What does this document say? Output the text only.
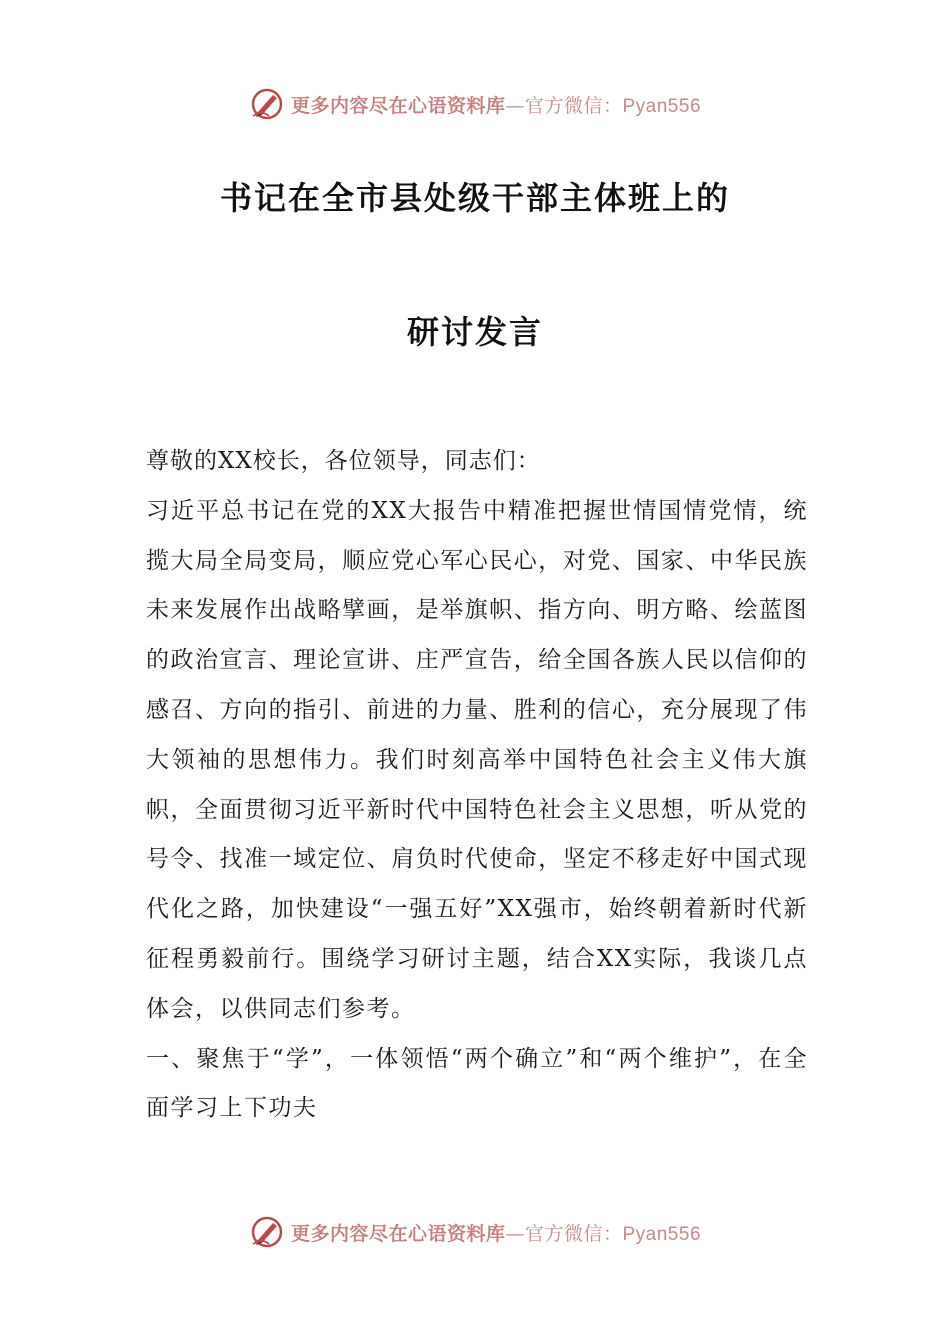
更多内容尽在心语资料库—官方微信：Pyan556
书记在全市县处级干部主体班上的
研讨发言

尊敬的XX校长，各位领导，同志们：

习近平总书记在党的XX大报告中精准把握世情国情党情，统揽大局全局变局，顺应党心军心民心，对党、国家、中华民族未来发展作出战略擘画，是举旗帜、指方向、明方略、绘蓝图的政治宣言、理论宣讲、庄严宣告，给全国各族人民以信仰的感召、方向的指引、前进的力量、胜利的信心，充分展现了伟大领袖的思想伟力。我们时刻高举中国特色社会主义伟大旗帜，全面贯彻习近平新时代中国特色社会主义思想，听从党的号令、找准一域定位、肩负时代使命，坚定不移走好中国式现代化之路，加快建设“一强五好”XX强市，始终朝着新时代新征程勇毅前行。围绕学习研讨主题，结合XX实际，我谈几点体会，以供同志们参考。

一、聚焦于“学”，一体领悟“两个确立”和“两个维护”，在全面学习上下功夫

更多内容尽在心语资料库—官方微信：Pyan556
